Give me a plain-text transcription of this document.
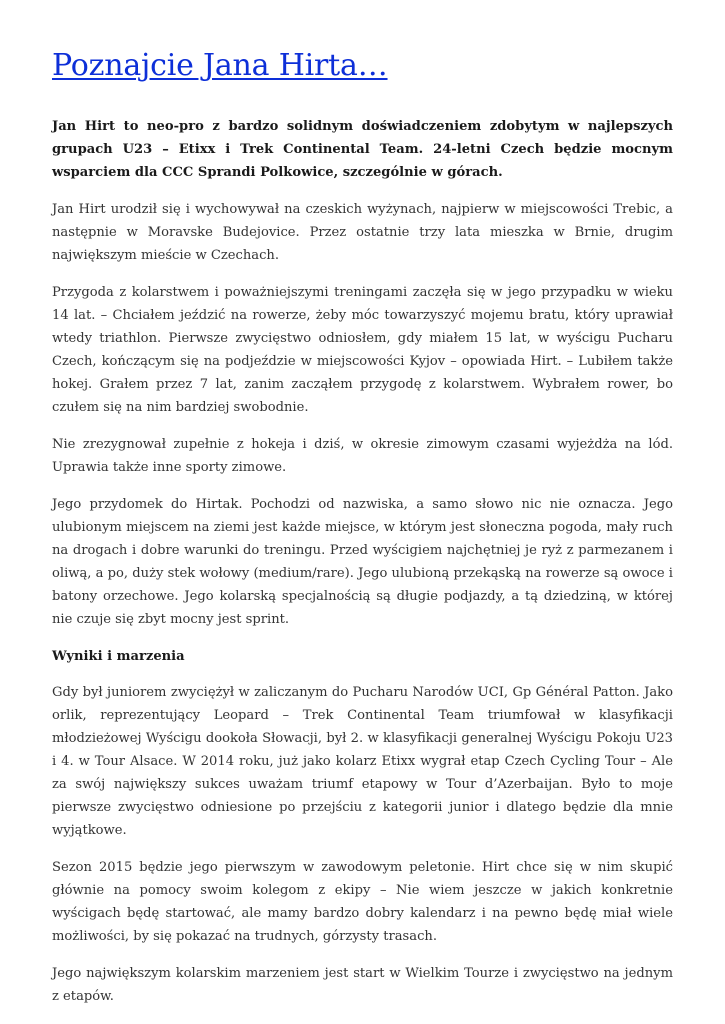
Poznajcie Jana Hirta…

Jan Hirt to neo-pro z bardzo solidnym doświadczeniem zdobytym w najlepszych grupach U23 – Etixx i Trek Continental Team. 24-letni Czech będzie mocnym wsparciem dla CCC Sprandi Polkowice, szczególnie w górach.

Jan Hirt urodził się i wychowywał na czeskich wyżynach, najpierw w miejscowości Trebic, a następnie w Moravske Budejovice. Przez ostatnie trzy lata mieszka w Brnie, drugim największym mieście w Czechach.

Przygoda z kolarstwem i poważniejszymi treningami zaczęła się w jego przypadku w wieku 14 lat. – Chciałem jeździć na rowerze, żeby móc towarzyszyć mojemu bratu, który uprawiał wtedy triathlon. Pierwsze zwycięstwo odniosłem, gdy miałem 15 lat, w wyścigu Pucharu Czech, kończącym się na podjeździe w miejscowości Kyjov – opowiada Hirt. – Lubiłem także hokej. Grałem przez 7 lat, zanim zacząłem przygodę z kolarstwem. Wybrałem rower, bo czułem się na nim bardziej swobodnie.

Nie zrezygnował zupełnie z hokeja i dziś, w okresie zimowym czasami wyjeżdża na lód. Uprawia także inne sporty zimowe.

Jego przydomek do Hirtak. Pochodzi od nazwiska, a samo słowo nic nie oznacza. Jego ulubionym miejscem na ziemi jest każde miejsce, w którym jest słoneczna pogoda, mały ruch na drogach i dobre warunki do treningu. Przed wyścigiem najchętniej je ryż z parmezanem i oliwą, a po, duży stek wołowy (medium/rare). Jego ulubioną przekąską na rowerze są owoce i batony orzechowe. Jego kolarską specjalnością są długie podjazdy, a tą dziedziną, w której nie czuje się zbyt mocny jest sprint.

Wyniki i marzenia

Gdy był juniorem zwyciężył w zaliczanym do Pucharu Narodów UCI, Gp Général Patton. Jako orlik, reprezentujący Leopard – Trek Continental Team triumfował w klasyfikacji młodzieżowej Wyścigu dookoła Słowacji, był 2. w klasyfikacji generalnej Wyścigu Pokoju U23 i 4. w Tour Alsace. W 2014 roku, już jako kolarz Etixx wygrał etap Czech Cycling Tour – Ale za swój największy sukces uważam triumf etapowy w Tour d’Azerbaijan. Było to moje pierwsze zwycięstwo odniesione po przejściu z kategorii junior i dlatego będzie dla mnie wyjątkowe.

Sezon 2015 będzie jego pierwszym w zawodowym peletonie. Hirt chce się w nim skupić głównie na pomocy swoim kolegom z ekipy – Nie wiem jeszcze w jakich konkretnie wyścigach będę startować, ale mamy bardzo dobry kalendarz i na pewno będę miał wiele możliwości, by się pokazać na trudnych, górzysty trasach.

Jego największym kolarskim marzeniem jest start w Wielkim Tourze i zwycięstwo na jednym z etapów.
